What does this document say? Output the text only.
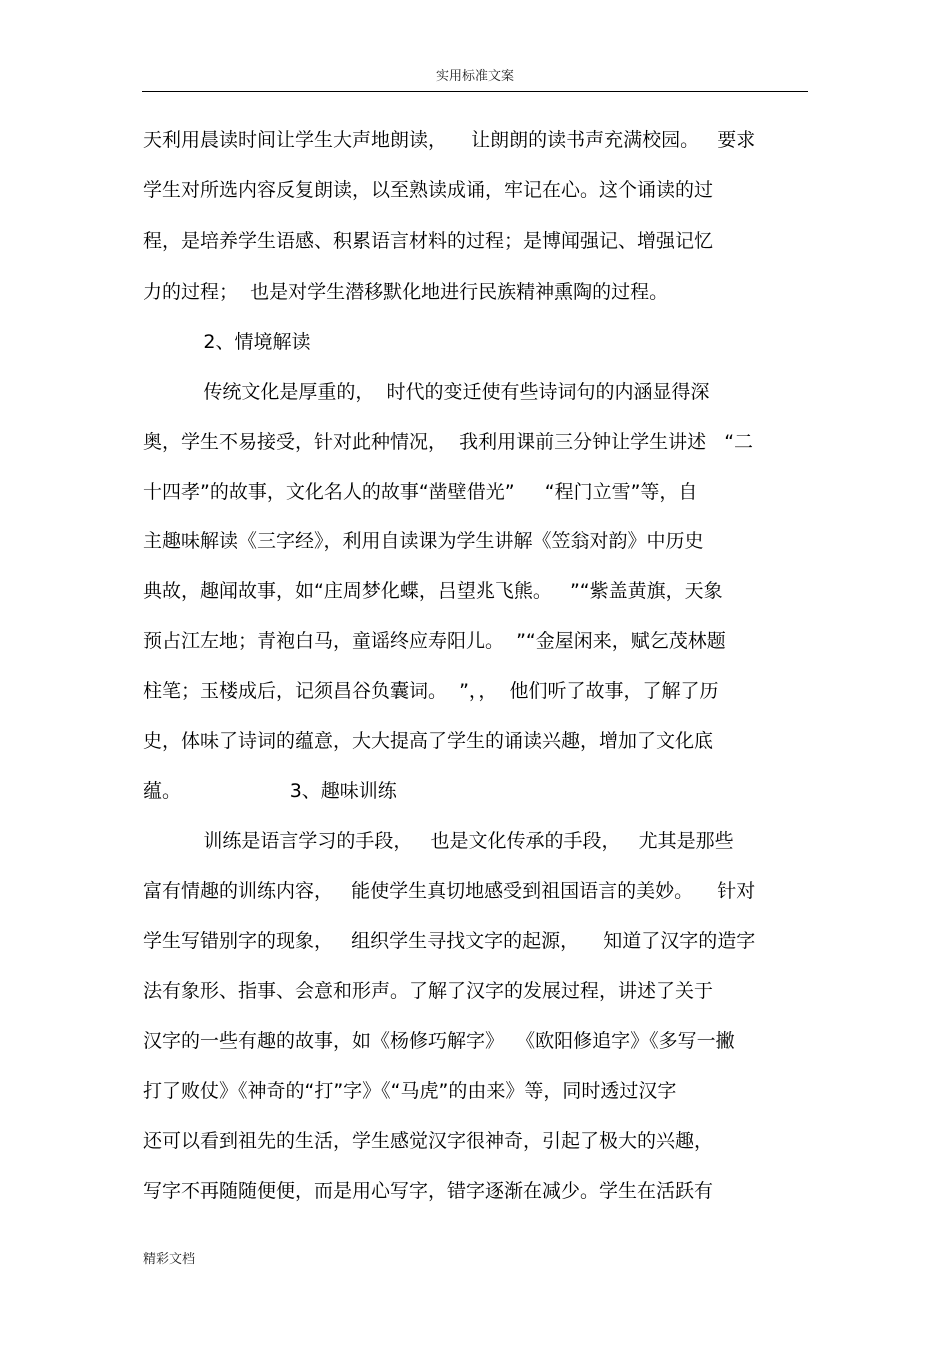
实用标准文案
天利用晨读时间让学生大声地朗读，    让朗朗的读书声充满校园。   要求
学生对所选内容反复朗读，以至熟读成诵，牢记在心。这个诵读的过
程，是培养学生语感、积累语言材料的过程；是博闻强记、增强记忆
力的过程；  也是对学生潜移默化地进行民族精神熏陶的过程。
2、情境解读
传统文化是厚重的，  时代的变迁使有些诗词句的内涵显得深
奥，学生不易接受，针对此种情况，  我利用课前三分钟让学生讲述   “二
十四孝”的故事，文化名人的故事“凿壁借光”     “程门立雪”等，自
主趣味解读《三字经》，利用自读课为学生讲解《笠翁对韵》中历史
典故，趣闻故事，如“庄周梦化蝶，吕望兆飞熊。   ”“紫盖黄旗，天象
预占江左地；青袍白马，童谣终应寿阳儿。  ”“金屋闲来，赋乞茂林题
柱笔；玉楼成后，记须昌谷负囊词。  ”，，  他们听了故事，了解了历
史，体味了诗词的蕴意，大大提高了学生的诵读兴趣，增加了文化底
蕴。                  3、趣味训练
训练是语言学习的手段，   也是文化传承的手段，   尤其是那些
富有情趣的训练内容，   能使学生真切地感受到祖国语言的美妙。    针对
学生写错别字的现象，   组织学生寻找文字的起源，    知道了汉字的造字
法有象形、指事、会意和形声。了解了汉字的发展过程，讲述了关于
汉字的一些有趣的故事，如《杨修巧解字》  《欧阳修追字》《多写一撇
打了败仗》《神奇的“打”字》《“马虎”的由来》等，同时透过汉字
还可以看到祖先的生活，学生感觉汉字很神奇，引起了极大的兴趣，
写字不再随随便便，而是用心写字，错字逐渐在减少。学生在活跃有
精彩文档
